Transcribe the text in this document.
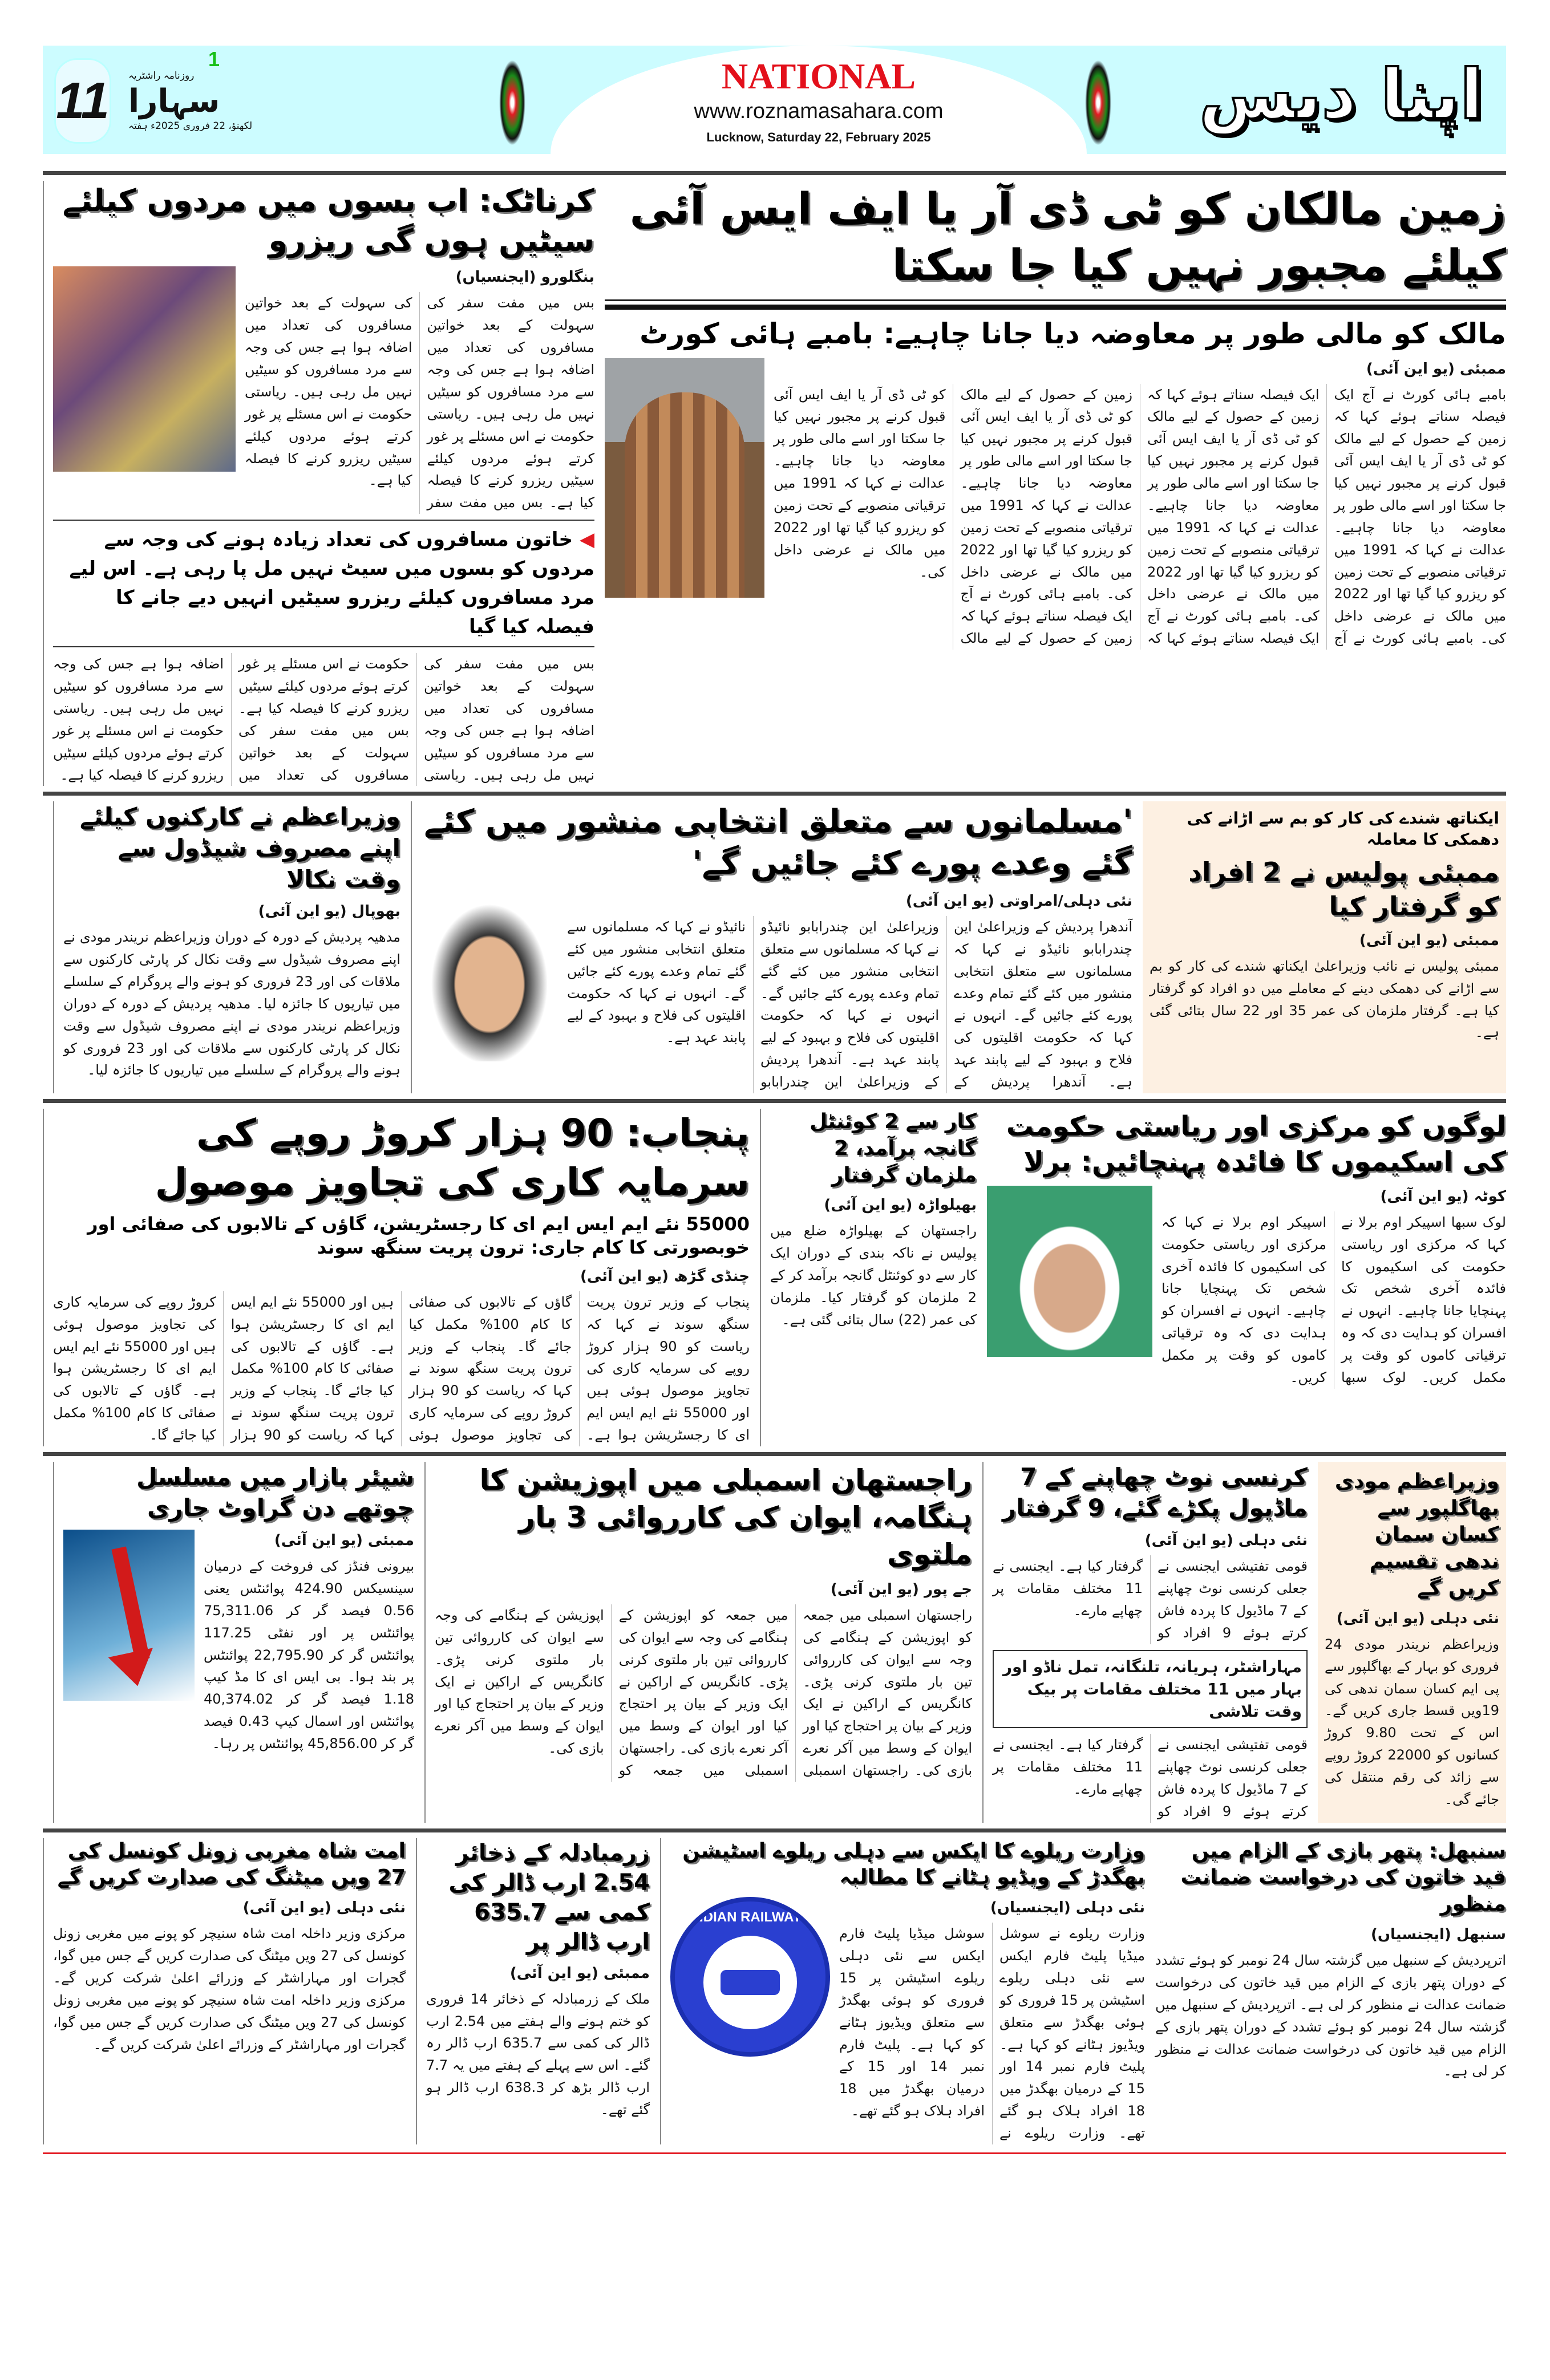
NATIONAL
www.roznamasahara.com
Lucknow, Saturday 22, February 2025
11
1
روزنامہ راشٹریہ
سہارا
لکھنؤ، 22 فروری 2025ء ہفتہ	اپنا دیس
زمین مالکان کو ٹی ڈی آر یا ایف ایس آئی کیلئے مجبور نہیں کیا جا سکتا
مالک کو مالی طور پر معاوضہ دیا جانا چاہیے: بامبے ہائی کورٹ
ممبئی (یو این آئی)
بامبے ہائی کورٹ نے آج ایک فیصلہ سناتے ہوئے کہا کہ زمین کے حصول کے لیے مالک کو ٹی ڈی آر یا ایف ایس آئی قبول کرنے پر مجبور نہیں کیا جا سکتا اور اسے مالی طور پر معاوضہ دیا جانا چاہیے۔ عدالت نے کہا کہ 1991 میں ترقیاتی منصوبے کے تحت زمین کو ریزرو کیا گیا تھا اور 2022 میں مالک نے عرضی داخل کی۔ بامبے ہائی کورٹ نے آج ایک فیصلہ سناتے ہوئے کہا کہ زمین کے حصول کے لیے مالک کو ٹی ڈی آر یا ایف ایس آئی قبول کرنے پر مجبور نہیں کیا جا سکتا اور اسے مالی طور پر معاوضہ دیا جانا چاہیے۔ عدالت نے کہا کہ 1991 میں ترقیاتی منصوبے کے تحت زمین کو ریزرو کیا گیا تھا اور 2022 میں مالک نے عرضی داخل کی۔ بامبے ہائی کورٹ نے آج ایک فیصلہ سناتے ہوئے کہا کہ زمین کے حصول کے لیے مالک کو ٹی ڈی آر یا ایف ایس آئی قبول کرنے پر مجبور نہیں کیا جا سکتا اور اسے مالی طور پر معاوضہ دیا جانا چاہیے۔ عدالت نے کہا کہ 1991 میں ترقیاتی منصوبے کے تحت زمین کو ریزرو کیا گیا تھا اور 2022 میں مالک نے عرضی داخل کی۔ بامبے ہائی کورٹ نے آج ایک فیصلہ سناتے ہوئے کہا کہ زمین کے حصول کے لیے مالک کو ٹی ڈی آر یا ایف ایس آئی قبول کرنے پر مجبور نہیں کیا جا سکتا اور اسے مالی طور پر معاوضہ دیا جانا چاہیے۔ عدالت نے کہا کہ 1991 میں ترقیاتی منصوبے کے تحت زمین کو ریزرو کیا گیا تھا اور 2022 میں مالک نے عرضی داخل کی۔
کرناٹک: اب بسوں میں مردوں کیلئے سیٹیں ہوں گی ریزرو
بنگلورو (ایجنسیاں)
بس میں مفت سفر کی سہولت کے بعد خواتین مسافروں کی تعداد میں اضافہ ہوا ہے جس کی وجہ سے مرد مسافروں کو سیٹیں نہیں مل رہی ہیں۔ ریاستی حکومت نے اس مسئلے پر غور کرتے ہوئے مردوں کیلئے سیٹیں ریزرو کرنے کا فیصلہ کیا ہے۔ بس میں مفت سفر کی سہولت کے بعد خواتین مسافروں کی تعداد میں اضافہ ہوا ہے جس کی وجہ سے مرد مسافروں کو سیٹیں نہیں مل رہی ہیں۔ ریاستی حکومت نے اس مسئلے پر غور کرتے ہوئے مردوں کیلئے سیٹیں ریزرو کرنے کا فیصلہ کیا ہے۔
◀ خاتون مسافروں کی تعداد زیادہ ہونے کی وجہ سے مردوں کو بسوں میں سیٹ نہیں مل پا رہی ہے۔ اس لیے مرد مسافروں کیلئے ریزرو سیٹیں انہیں دیے جانے کا فیصلہ کیا گیا
بس میں مفت سفر کی سہولت کے بعد خواتین مسافروں کی تعداد میں اضافہ ہوا ہے جس کی وجہ سے مرد مسافروں کو سیٹیں نہیں مل رہی ہیں۔ ریاستی حکومت نے اس مسئلے پر غور کرتے ہوئے مردوں کیلئے سیٹیں ریزرو کرنے کا فیصلہ کیا ہے۔ بس میں مفت سفر کی سہولت کے بعد خواتین مسافروں کی تعداد میں اضافہ ہوا ہے جس کی وجہ سے مرد مسافروں کو سیٹیں نہیں مل رہی ہیں۔ ریاستی حکومت نے اس مسئلے پر غور کرتے ہوئے مردوں کیلئے سیٹیں ریزرو کرنے کا فیصلہ کیا ہے۔
ایکناتھ شندے کی کار کو بم سے اڑانے کی دھمکی کا معاملہ
ممبئی پولیس نے 2 افراد کو گرفتار کیا
ممبئی (یو این آئی)
ممبئی پولیس نے نائب وزیراعلیٰ ایکناتھ شندے کی کار کو بم سے اڑانے کی دھمکی دینے کے معاملے میں دو افراد کو گرفتار کیا ہے۔ گرفتار ملزمان کی عمر 35 اور 22 سال بتائی گئی ہے۔
'مسلمانوں سے متعلق انتخابی منشور میں کئے گئے وعدے پورے کئے جائیں گے'
نئی دہلی/امراوتی (یو این آئی)
آندھرا پردیش کے وزیراعلیٰ این چندرابابو نائیڈو نے کہا کہ مسلمانوں سے متعلق انتخابی منشور میں کئے گئے تمام وعدے پورے کئے جائیں گے۔ انہوں نے کہا کہ حکومت اقلیتوں کی فلاح و بہبود کے لیے پابند عہد ہے۔ آندھرا پردیش کے وزیراعلیٰ این چندرابابو نائیڈو نے کہا کہ مسلمانوں سے متعلق انتخابی منشور میں کئے گئے تمام وعدے پورے کئے جائیں گے۔ انہوں نے کہا کہ حکومت اقلیتوں کی فلاح و بہبود کے لیے پابند عہد ہے۔ آندھرا پردیش کے وزیراعلیٰ این چندرابابو نائیڈو نے کہا کہ مسلمانوں سے متعلق انتخابی منشور میں کئے گئے تمام وعدے پورے کئے جائیں گے۔ انہوں نے کہا کہ حکومت اقلیتوں کی فلاح و بہبود کے لیے پابند عہد ہے۔
وزیراعظم نے کارکنوں کیلئے اپنے مصروف شیڈول سے وقت نکالا
بھوپال (یو این آئی)
مدھیہ پردیش کے دورہ کے دوران وزیراعظم نریندر مودی نے اپنے مصروف شیڈول سے وقت نکال کر پارٹی کارکنوں سے ملاقات کی اور 23 فروری کو ہونے والے پروگرام کے سلسلے میں تیاریوں کا جائزہ لیا۔ مدھیہ پردیش کے دورہ کے دوران وزیراعظم نریندر مودی نے اپنے مصروف شیڈول سے وقت نکال کر پارٹی کارکنوں سے ملاقات کی اور 23 فروری کو ہونے والے پروگرام کے سلسلے میں تیاریوں کا جائزہ لیا۔
لوگوں کو مرکزی اور ریاستی حکومت کی اسکیموں کا فائدہ پہنچائیں: برلا
کوٹہ (یو این آئی)
لوک سبھا اسپیکر اوم برلا نے کہا کہ مرکزی اور ریاستی حکومت کی اسکیموں کا فائدہ آخری شخص تک پہنچایا جانا چاہیے۔ انہوں نے افسران کو ہدایت دی کہ وہ ترقیاتی کاموں کو وقت پر مکمل کریں۔ لوک سبھا اسپیکر اوم برلا نے کہا کہ مرکزی اور ریاستی حکومت کی اسکیموں کا فائدہ آخری شخص تک پہنچایا جانا چاہیے۔ انہوں نے افسران کو ہدایت دی کہ وہ ترقیاتی کاموں کو وقت پر مکمل کریں۔
کار سے 2 کوئنٹل گانجہ برآمد، 2 ملزمان گرفتار
بھیلواڑہ (یو این آئی)
راجستھان کے بھیلواڑہ ضلع میں پولیس نے ناکہ بندی کے دوران ایک کار سے دو کوئنٹل گانجہ برآمد کر کے 2 ملزمان کو گرفتار کیا۔ ملزمان کی عمر (22) سال بتائی گئی ہے۔
پنجاب: 90 ہزار کروڑ روپے کی سرمایہ کاری کی تجاویز موصول
55000 نئے ایم ایس ایم ای کا رجسٹریشن، گاؤں کے تالابوں کی صفائی اور خوبصورتی کا کام جاری: ترون پریت سنگھ سوند
چنڈی گڑھ (یو این آئی)
پنجاب کے وزیر ترون پریت سنگھ سوند نے کہا کہ ریاست کو 90 ہزار کروڑ روپے کی سرمایہ کاری کی تجاویز موصول ہوئی ہیں اور 55000 نئے ایم ایس ایم ای کا رجسٹریشن ہوا ہے۔ گاؤں کے تالابوں کی صفائی کا کام 100% مکمل کیا جائے گا۔ پنجاب کے وزیر ترون پریت سنگھ سوند نے کہا کہ ریاست کو 90 ہزار کروڑ روپے کی سرمایہ کاری کی تجاویز موصول ہوئی ہیں اور 55000 نئے ایم ایس ایم ای کا رجسٹریشن ہوا ہے۔ گاؤں کے تالابوں کی صفائی کا کام 100% مکمل کیا جائے گا۔ پنجاب کے وزیر ترون پریت سنگھ سوند نے کہا کہ ریاست کو 90 ہزار کروڑ روپے کی سرمایہ کاری کی تجاویز موصول ہوئی ہیں اور 55000 نئے ایم ایس ایم ای کا رجسٹریشن ہوا ہے۔ گاؤں کے تالابوں کی صفائی کا کام 100% مکمل کیا جائے گا۔
وزیراعظم مودی بھاگلپور سے کسان سمان ندھی تقسیم کریں گے
نئی دہلی (یو این آئی)
وزیراعظم نریندر مودی 24 فروری کو بہار کے بھاگلپور سے پی ایم کسان سمان ندھی کی 19ویں قسط جاری کریں گے۔ اس کے تحت 9.80 کروڑ کسانوں کو 22000 کروڑ روپے سے زائد کی رقم منتقل کی جائے گی۔
کرنسی نوٹ چھاپنے کے 7 ماڈیول پکڑے گئے، 9 گرفتار
نئی دہلی (یو این آئی)
قومی تفتیشی ایجنسی نے جعلی کرنسی نوٹ چھاپنے کے 7 ماڈیول کا پردہ فاش کرتے ہوئے 9 افراد کو گرفتار کیا ہے۔ ایجنسی نے 11 مختلف مقامات پر چھاپے مارے۔
مہاراشٹر، ہریانہ، تلنگانہ، تمل ناڈو اور بہار میں 11 مختلف مقامات پر بیک وقت تلاشی
قومی تفتیشی ایجنسی نے جعلی کرنسی نوٹ چھاپنے کے 7 ماڈیول کا پردہ فاش کرتے ہوئے 9 افراد کو گرفتار کیا ہے۔ ایجنسی نے 11 مختلف مقامات پر چھاپے مارے۔
راجستھان اسمبلی میں اپوزیشن کا ہنگامہ، ایوان کی کارروائی 3 بار ملتوی
جے پور (یو این آئی)
راجستھان اسمبلی میں جمعہ کو اپوزیشن کے ہنگامے کی وجہ سے ایوان کی کارروائی تین بار ملتوی کرنی پڑی۔ کانگریس کے اراکین نے ایک وزیر کے بیان پر احتجاج کیا اور ایوان کے وسط میں آکر نعرے بازی کی۔ راجستھان اسمبلی میں جمعہ کو اپوزیشن کے ہنگامے کی وجہ سے ایوان کی کارروائی تین بار ملتوی کرنی پڑی۔ کانگریس کے اراکین نے ایک وزیر کے بیان پر احتجاج کیا اور ایوان کے وسط میں آکر نعرے بازی کی۔ راجستھان اسمبلی میں جمعہ کو اپوزیشن کے ہنگامے کی وجہ سے ایوان کی کارروائی تین بار ملتوی کرنی پڑی۔ کانگریس کے اراکین نے ایک وزیر کے بیان پر احتجاج کیا اور ایوان کے وسط میں آکر نعرے بازی کی۔
شیئر بازار میں مسلسل چوتھے دن گراوٹ جاری
ممبئی (یو این آئی)
بیرونی فنڈز کی فروخت کے درمیان سینسیکس 424.90 پوائنٹس یعنی 0.56 فیصد گر کر 75,311.06 پوائنٹس پر اور نفٹی 117.25 پوائنٹس گر کر 22,795.90 پوائنٹس پر بند ہوا۔ بی ایس ای کا مڈ کیپ 1.18 فیصد گر کر 40,374.02 پوائنٹس اور اسمال کیپ 0.43 فیصد گر کر 45,856.00 پوائنٹس پر رہا۔
سنبھل: پتھر بازی کے الزام میں قید خاتون کی درخواست ضمانت منظور
سنبھل (ایجنسیاں)
اترپردیش کے سنبھل میں گزشتہ سال 24 نومبر کو ہوئے تشدد کے دوران پتھر بازی کے الزام میں قید خاتون کی درخواست ضمانت عدالت نے منظور کر لی ہے۔ اترپردیش کے سنبھل میں گزشتہ سال 24 نومبر کو ہوئے تشدد کے دوران پتھر بازی کے الزام میں قید خاتون کی درخواست ضمانت عدالت نے منظور کر لی ہے۔
وزارت ریلوے کا ایکس سے دہلی ریلوے اسٹیشن بھگدڑ کے ویڈیو ہٹانے کا مطالبہ
نئی دہلی (ایجنسیاں)
وزارت ریلوے نے سوشل میڈیا پلیٹ فارم ایکس سے نئی دہلی ریلوے اسٹیشن پر 15 فروری کو ہوئی بھگدڑ سے متعلق ویڈیوز ہٹانے کو کہا ہے۔ پلیٹ فارم نمبر 14 اور 15 کے درمیان بھگدڑ میں 18 افراد ہلاک ہو گئے تھے۔ وزارت ریلوے نے سوشل میڈیا پلیٹ فارم ایکس سے نئی دہلی ریلوے اسٹیشن پر 15 فروری کو ہوئی بھگدڑ سے متعلق ویڈیوز ہٹانے کو کہا ہے۔ پلیٹ فارم نمبر 14 اور 15 کے درمیان بھگدڑ میں 18 افراد ہلاک ہو گئے تھے۔
INDIAN RAILWAYS
زرمبادلہ کے ذخائر 2.54 ارب ڈالر کی کمی سے 635.7 ارب ڈالر پر
ممبئی (یو این آئی)
ملک کے زرمبادلہ کے ذخائر 14 فروری کو ختم ہونے والے ہفتے میں 2.54 ارب ڈالر کی کمی سے 635.7 ارب ڈالر رہ گئے۔ اس سے پہلے کے ہفتے میں یہ 7.7 ارب ڈالر بڑھ کر 638.3 ارب ڈالر ہو گئے تھے۔
امت شاہ مغربی زونل کونسل کی 27 ویں میٹنگ کی صدارت کریں گے
نئی دہلی (یو این آئی)
مرکزی وزیر داخلہ امت شاہ سنیچر کو پونے میں مغربی زونل کونسل کی 27 ویں میٹنگ کی صدارت کریں گے جس میں گوا، گجرات اور مہاراشٹر کے وزرائے اعلیٰ شرکت کریں گے۔ مرکزی وزیر داخلہ امت شاہ سنیچر کو پونے میں مغربی زونل کونسل کی 27 ویں میٹنگ کی صدارت کریں گے جس میں گوا، گجرات اور مہاراشٹر کے وزرائے اعلیٰ شرکت کریں گے۔
